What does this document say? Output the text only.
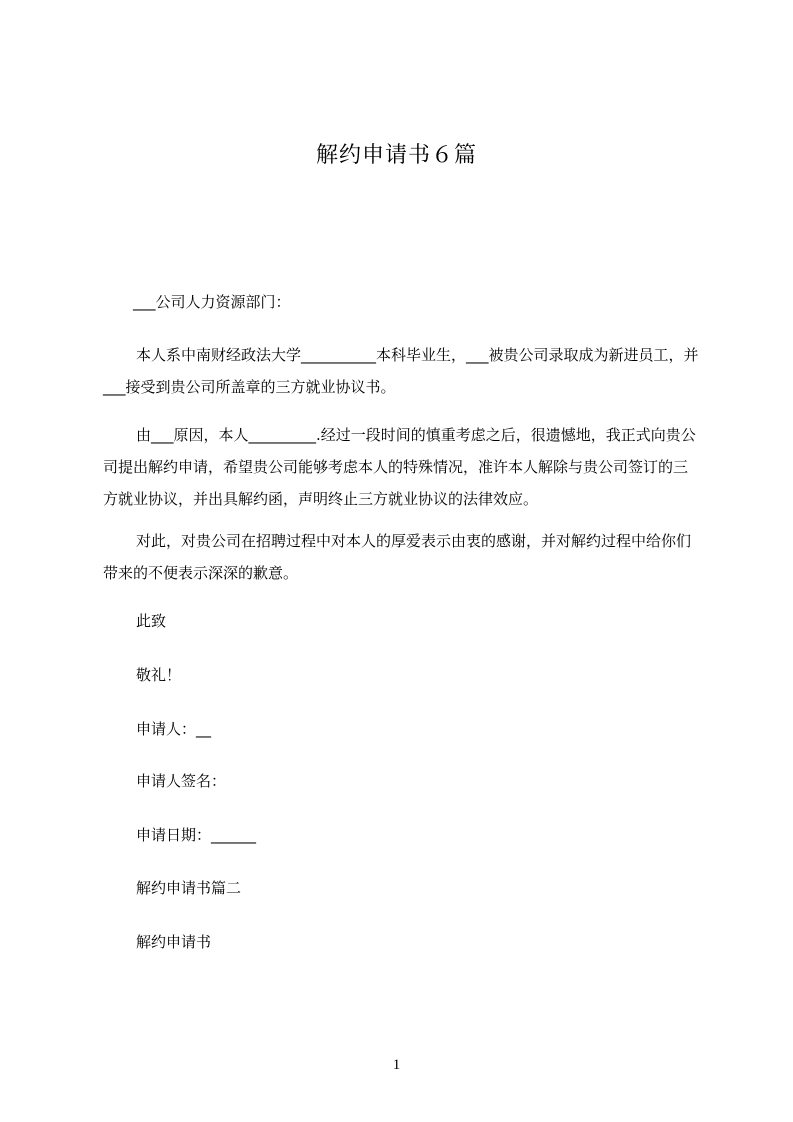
解约申请书６篇

___公司人力资源部门：

本人系中南财经政法大学__________本科毕业生，___被贵公司录取成为新进员工，并___接受到贵公司所盖章的三方就业协议书。

由___原因，本人_________.经过一段时间的慎重考虑之后，很遗憾地，我正式向贵公司提出解约申请，希望贵公司能够考虑本人的特殊情况，准许本人解除与贵公司签订的三方就业协议，并出具解约函，声明终止三方就业协议的法律效应。

对此，对贵公司在招聘过程中对本人的厚爱表示由衷的感谢，并对解约过程中给你们带来的不便表示深深的歉意。

此致
敬礼！
申请人：__
申请人签名：
申请日期：______
解约申请书篇二
解约申请书
1
